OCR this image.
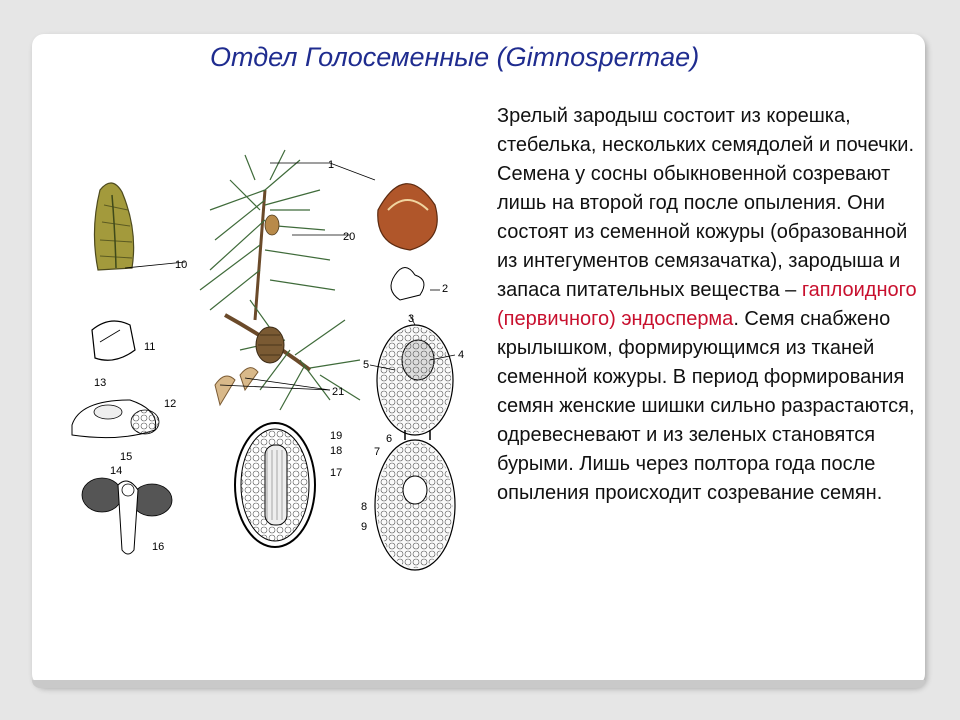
Отдел Голосеменные (Gimnospermae)

Зрелый зародыш состоит из корешка, стебелька, нескольких семядолей и почечки. Семена у сосны обыкновенной созревают лишь на второй год после опыления. Они состоят из семенной кожуры (образованной из интегументов семязачатка), зародыша и запаса питательных вещества – гаплоидного (первичного) эндосперма. Семя снабжено крылышком, формирующимся из тканей семенной кожуры. В период формирования семян женские шишки сильно разрастаются, одревесневают и из зеленых становятся бурыми. Лишь через полтора года после опыления происходит созревание семян.

1
2
3
4
5
6
7
8
9
10
11
12
13
14
15
16
17
18
19
20
21
